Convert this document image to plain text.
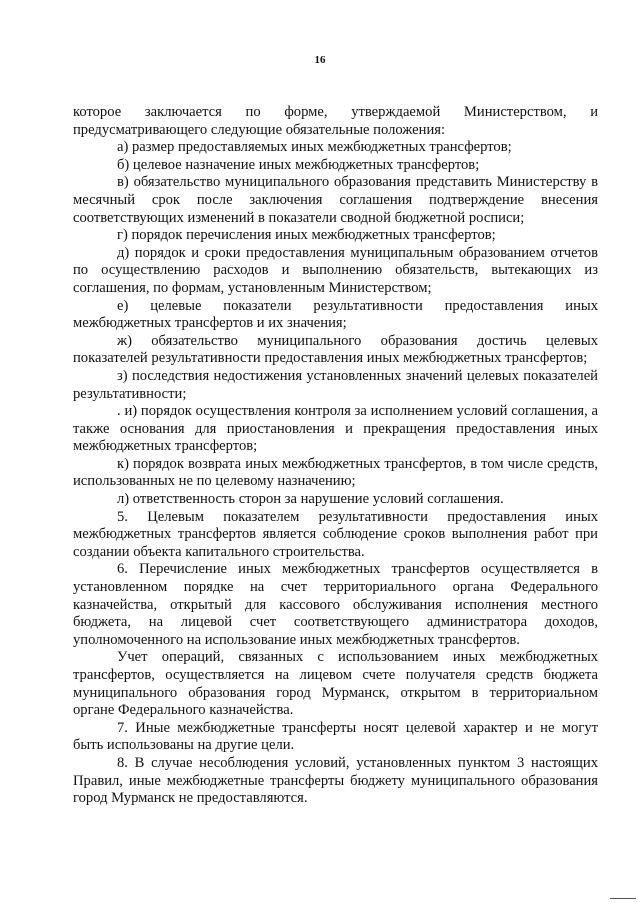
16

которое заключается по форме, утверждаемой Министерством, и предусматривающего следующие обязательные положения:

а) размер предоставляемых иных межбюджетных трансфертов;

б) целевое назначение иных межбюджетных трансфертов;

в) обязательство муниципального образования представить Министерству в месячный срок после заключения соглашения подтверждение внесения соответствующих изменений в показатели сводной бюджетной росписи;

г) порядок перечисления иных межбюджетных трансфертов;

д) порядок и сроки предоставления муниципальным образованием отчетов по осуществлению расходов и выполнению обязательств, вытекающих из соглашения, по формам, установленным Министерством;

е) целевые показатели результативности предоставления иных межбюджетных трансфертов и их значения;

ж) обязательство муниципального образования достичь целевых показателей результативности предоставления иных межбюджетных трансфертов;

з) последствия недостижения установленных значений целевых показателей результативности;

. и) порядок осуществления контроля за исполнением условий соглашения, а также основания для приостановления и прекращения предоставления иных межбюджетных трансфертов;

к) порядок возврата иных межбюджетных трансфертов, в том числе средств, использованных не по целевому назначению;

л) ответственность сторон за нарушение условий соглашения.

5. Целевым показателем результативности предоставления иных межбюджетных трансфертов является соблюдение сроков выполнения работ при создании объекта капитального строительства.

6. Перечисление иных межбюджетных трансфертов осуществляется в установленном порядке на счет территориального органа Федерального казначейства, открытый для кассового обслуживания исполнения местного бюджета, на лицевой счет соответствующего администратора доходов, уполномоченного на использование иных межбюджетных трансфертов.

Учет операций, связанных с использованием иных межбюджетных трансфертов, осуществляется на лицевом счете получателя средств бюджета муниципального образования город Мурманск, открытом в территориальном органе Федерального казначейства.

7. Иные межбюджетные трансферты носят целевой характер и не могут быть использованы на другие цели.

8. В случае несоблюдения условий, установленных пунктом 3 настоящих Правил, иные межбюджетные трансферты бюджету муниципального образования город Мурманск не предоставляются.
